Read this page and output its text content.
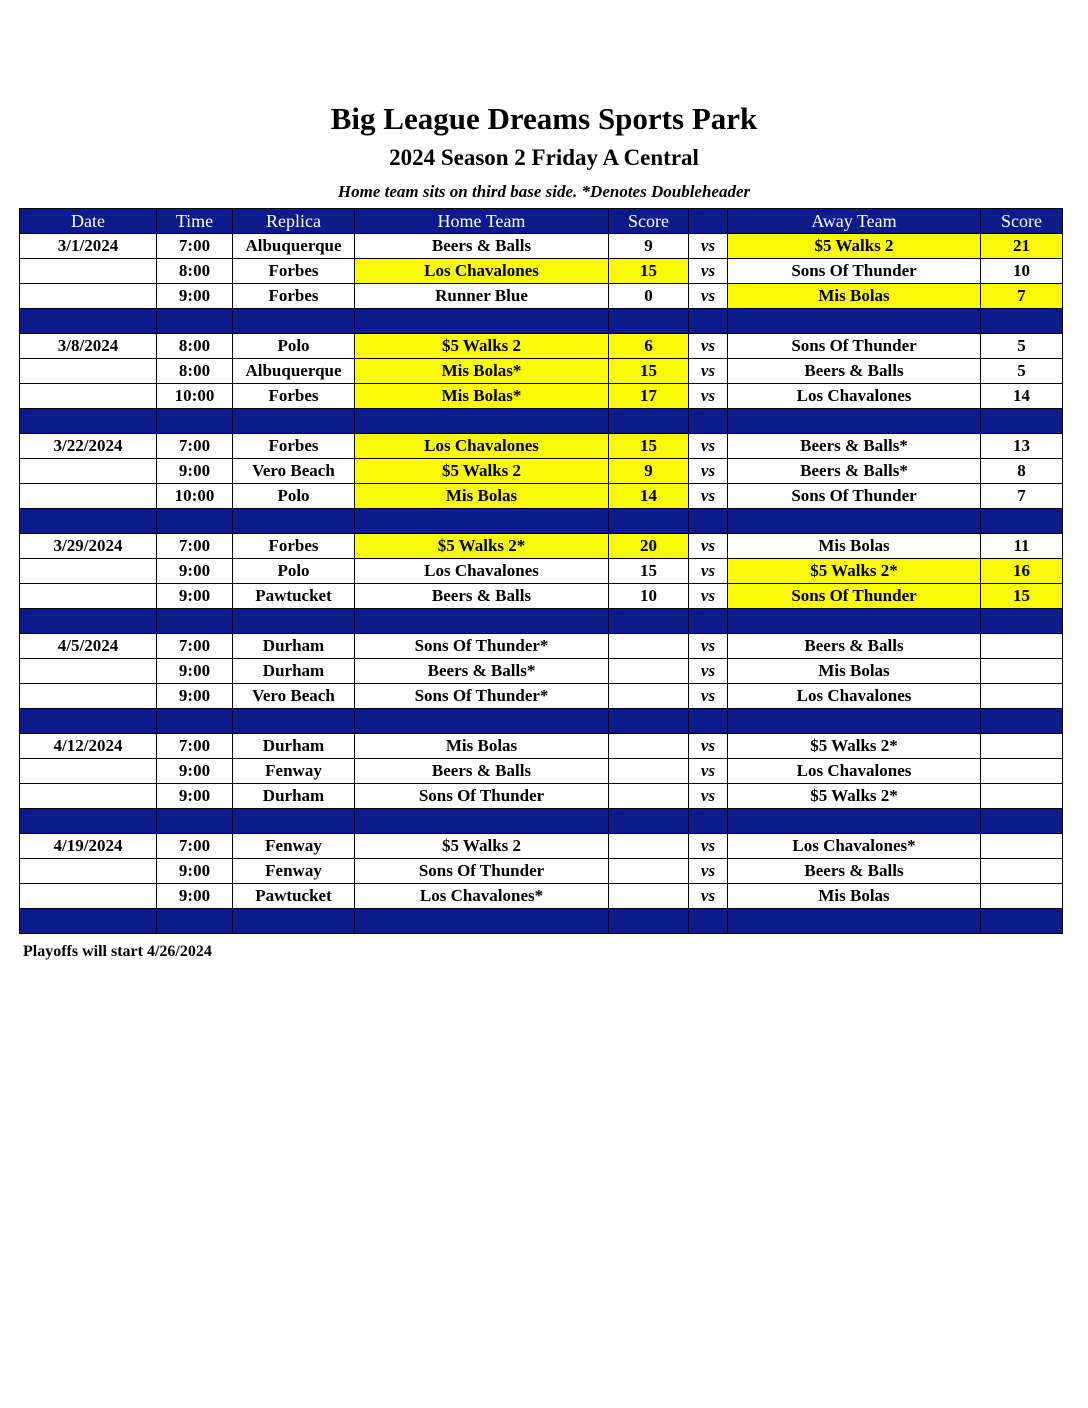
Big League Dreams Sports Park
2024 Season 2 Friday A Central
Home team sits on third base side. *Denotes Doubleheader
Date	Time	Replica	Home Team	Score		Away Team	Score
3/1/2024	7:00	Albuquerque	Beers & Balls	9	vs	$5 Walks 2	21
	8:00	Forbes	Los Chavalones	15	vs	Sons Of Thunder	10
	9:00	Forbes	Runner Blue	0	vs	Mis Bolas	7

3/8/2024	8:00	Polo	$5 Walks 2	6	vs	Sons Of Thunder	5
	8:00	Albuquerque	Mis Bolas*	15	vs	Beers & Balls	5
	10:00	Forbes	Mis Bolas*	17	vs	Los Chavalones	14

3/22/2024	7:00	Forbes	Los Chavalones	15	vs	Beers & Balls*	13
	9:00	Vero Beach	$5 Walks 2	9	vs	Beers & Balls*	8
	10:00	Polo	Mis Bolas	14	vs	Sons Of Thunder	7

3/29/2024	7:00	Forbes	$5 Walks 2*	20	vs	Mis Bolas	11
	9:00	Polo	Los Chavalones	15	vs	$5 Walks 2*	16
	9:00	Pawtucket	Beers & Balls	10	vs	Sons Of Thunder	15

4/5/2024	7:00	Durham	Sons Of Thunder*		vs	Beers & Balls	
	9:00	Durham	Beers & Balls*		vs	Mis Bolas	
	9:00	Vero Beach	Sons Of Thunder*		vs	Los Chavalones	

4/12/2024	7:00	Durham	Mis Bolas		vs	$5 Walks 2*	
	9:00	Fenway	Beers & Balls		vs	Los Chavalones	
	9:00	Durham	Sons Of Thunder		vs	$5 Walks 2*	

4/19/2024	7:00	Fenway	$5 Walks 2		vs	Los Chavalones*	
	9:00	Fenway	Sons Of Thunder		vs	Beers & Balls	
	9:00	Pawtucket	Los Chavalones*		vs	Mis Bolas	

Playoffs will start 4/26/2024
